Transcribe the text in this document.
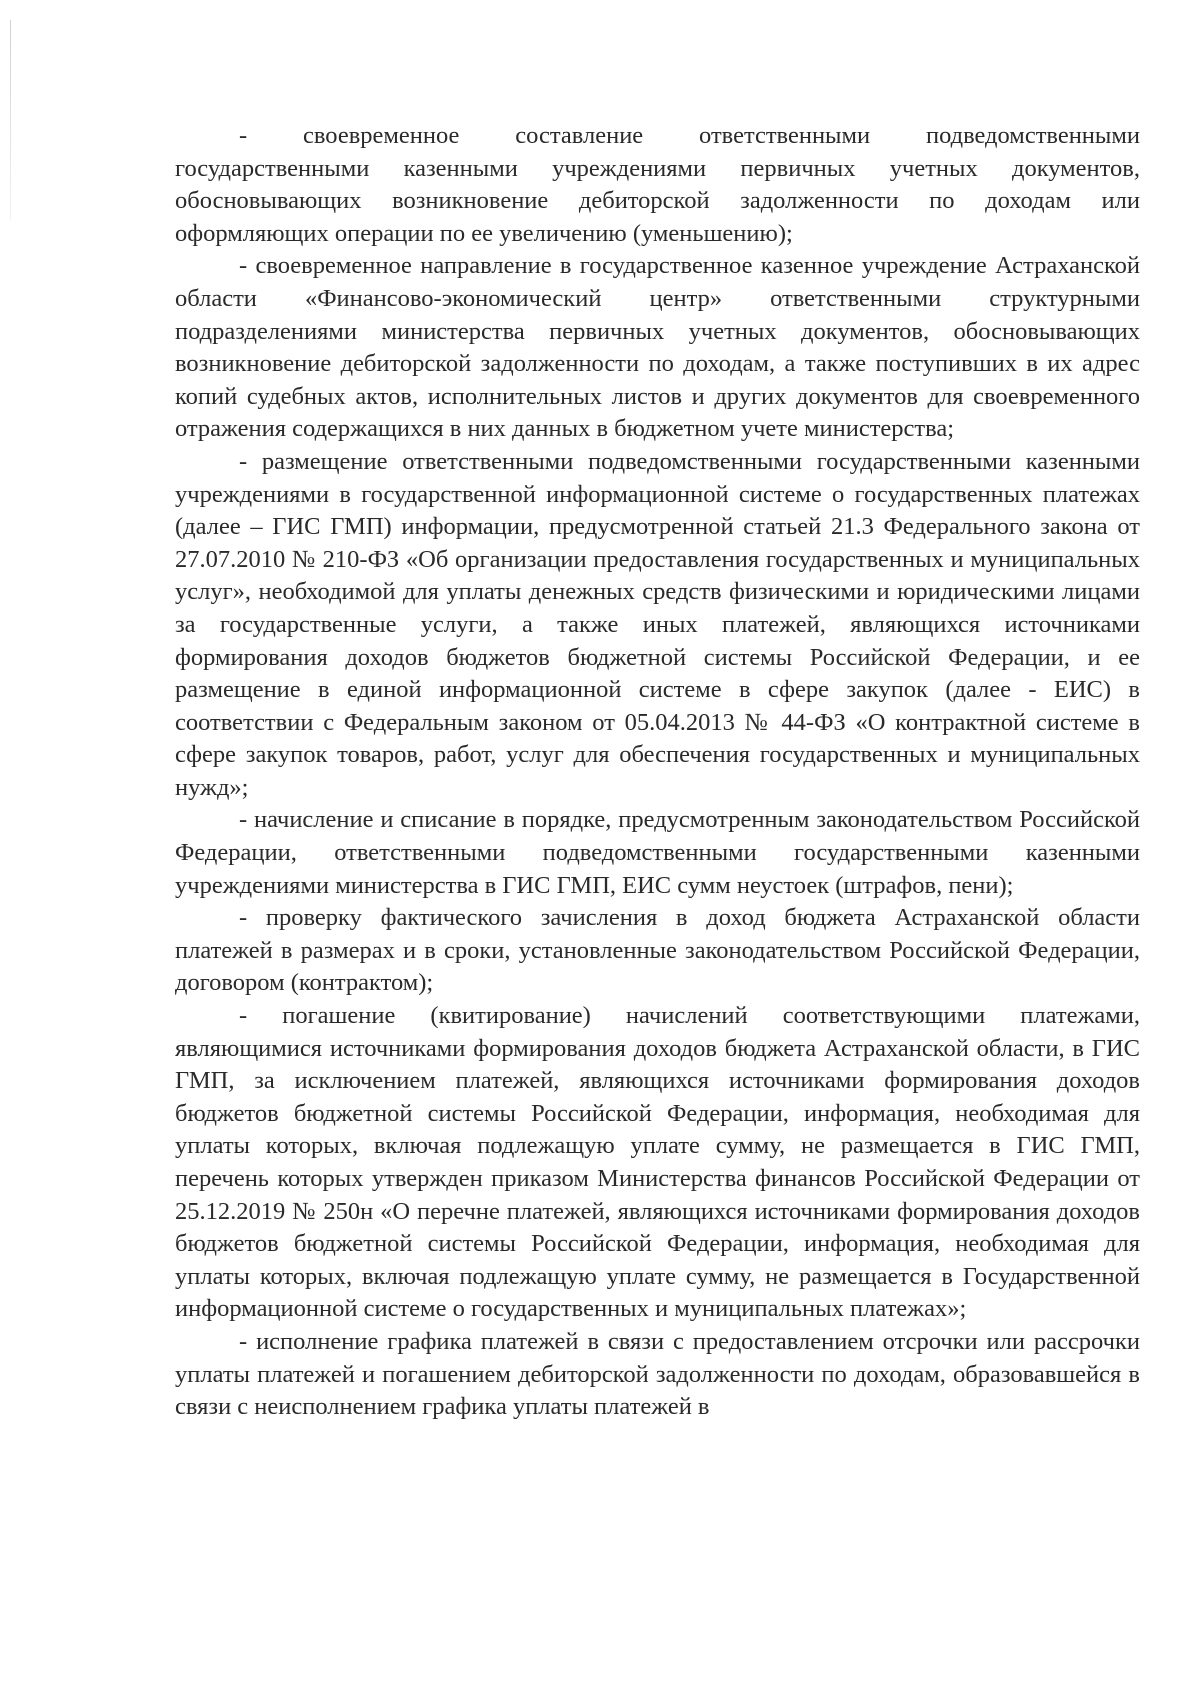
- своевременное составление ответственными подведомственными государственными казенными учреждениями первичных учетных документов, обосновывающих возникновение дебиторской задолженности по доходам или оформляющих операции по ее увеличению (уменьшению);

- своевременное направление в государственное казенное учреждение Астраханской области «Финансово-экономический центр» ответственными структурными подразделениями министерства первичных учетных документов, обосновывающих возникновение дебиторской задолженности по доходам, а также поступивших в их адрес копий судебных актов, исполнительных листов и других документов для своевременного отражения содержащихся в них данных в бюджетном учете министерства;

- размещение ответственными подведомственными государственными казенными учреждениями в государственной информационной системе о государственных платежах (далее – ГИС ГМП) информации, предусмотренной статьей 21.3 Федерального закона от 27.07.2010 № 210-ФЗ «Об организации предоставления государственных и муниципальных услуг», необходимой для уплаты денежных средств физическими и юридическими лицами за государственные услуги, а также иных платежей, являющихся источниками формирования доходов бюджетов бюджетной системы Российской Федерации, и ее размещение в единой информационной системе в сфере закупок (далее - ЕИС) в соответствии с Федеральным законом от 05.04.2013 № 44-ФЗ «О контрактной системе в сфере закупок товаров, работ, услуг для обеспечения государственных и муниципальных нужд»;

- начисление и списание в порядке, предусмотренным законодательством Российской Федерации, ответственными подведомственными государственными казенными учреждениями министерства в ГИС ГМП, ЕИС сумм неустоек (штрафов, пени);

- проверку фактического зачисления в доход бюджета Астраханской области платежей в размерах и в сроки, установленные законодательством Российской Федерации, договором (контрактом);

- погашение (квитирование) начислений соответствующими платежами, являющимися источниками формирования доходов бюджета Астраханской области, в ГИС ГМП, за исключением платежей, являющихся источниками формирования доходов бюджетов бюджетной системы Российской Федерации, информация, необходимая для уплаты которых, включая подлежащую уплате сумму, не размещается в ГИС ГМП, перечень которых утвержден приказом Министерства финансов Российской Федерации от 25.12.2019 № 250н «О перечне платежей, являющихся источниками формирования доходов бюджетов бюджетной системы Российской Федерации, информация, необходимая для уплаты которых, включая подлежащую уплате сумму, не размещается в Государственной информационной системе о государственных и муниципальных платежах»;

- исполнение графика платежей в связи с предоставлением отсрочки или рассрочки уплаты платежей и погашением дебиторской задолженности по доходам, образовавшейся в связи с неисполнением графика уплаты платежей в
